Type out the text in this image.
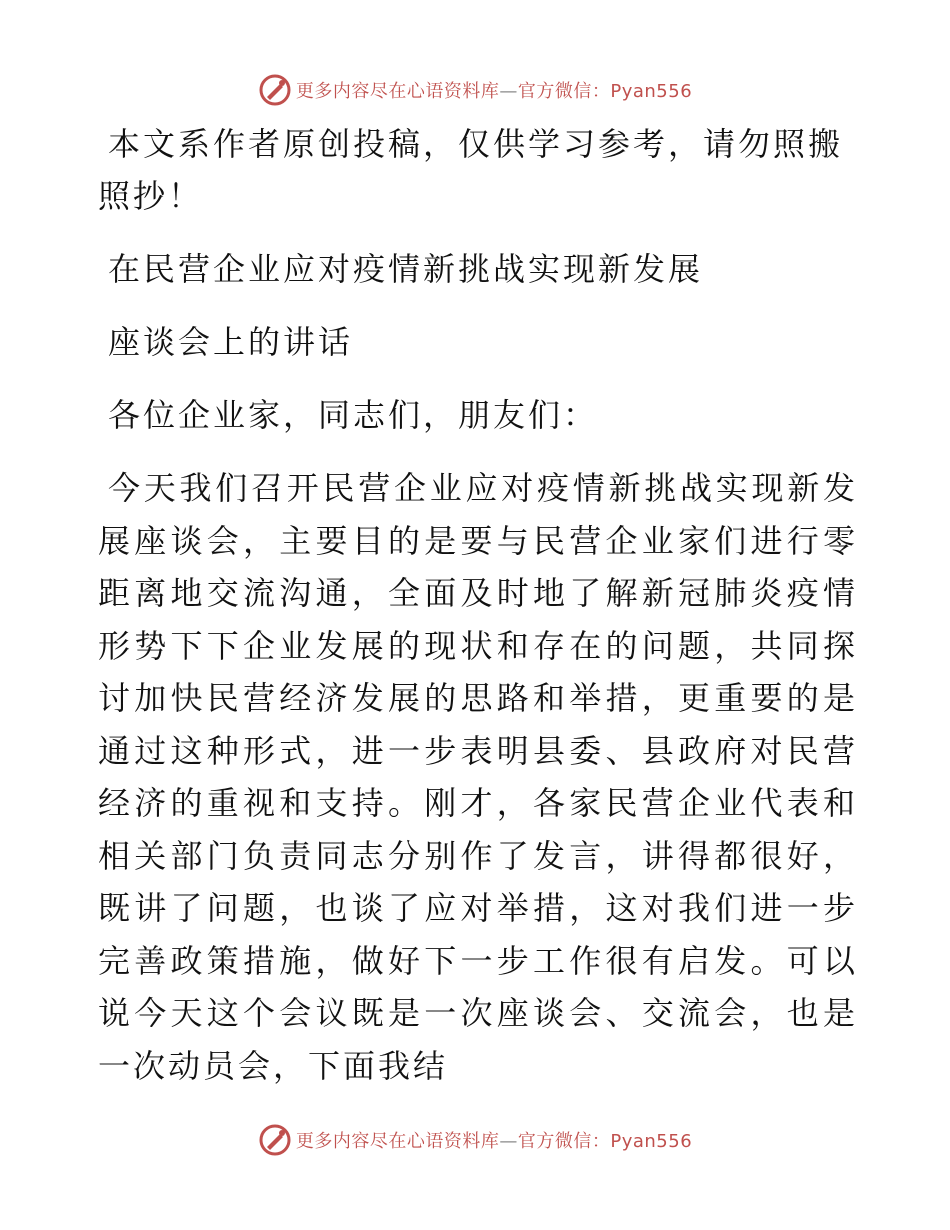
更多内容尽在心语资料库—官方微信：Pyan556

本文系作者原创投稿，仅供学习参考，请勿照搬照抄！

在民营企业应对疫情新挑战实现新发展

座谈会上的讲话

各位企业家，同志们，朋友们：

今天我们召开民营企业应对疫情新挑战实现新发展座谈会，主要目的是要与民营企业家们进行零距离地交流沟通，全面及时地了解新冠肺炎疫情形势下下企业发展的现状和存在的问题，共同探讨加快民营经济发展的思路和举措，更重要的是通过这种形式，进一步表明县委、县政府对民营经济的重视和支持。刚才，各家民营企业代表和相关部门负责同志分别作了发言，讲得都很好，既讲了问题，也谈了应对举措，这对我们进一步完善政策措施，做好下一步工作很有启发。可以说今天这个会议既是一次座谈会、交流会，也是一次动员会，下面我结

更多内容尽在心语资料库—官方微信：Pyan556
